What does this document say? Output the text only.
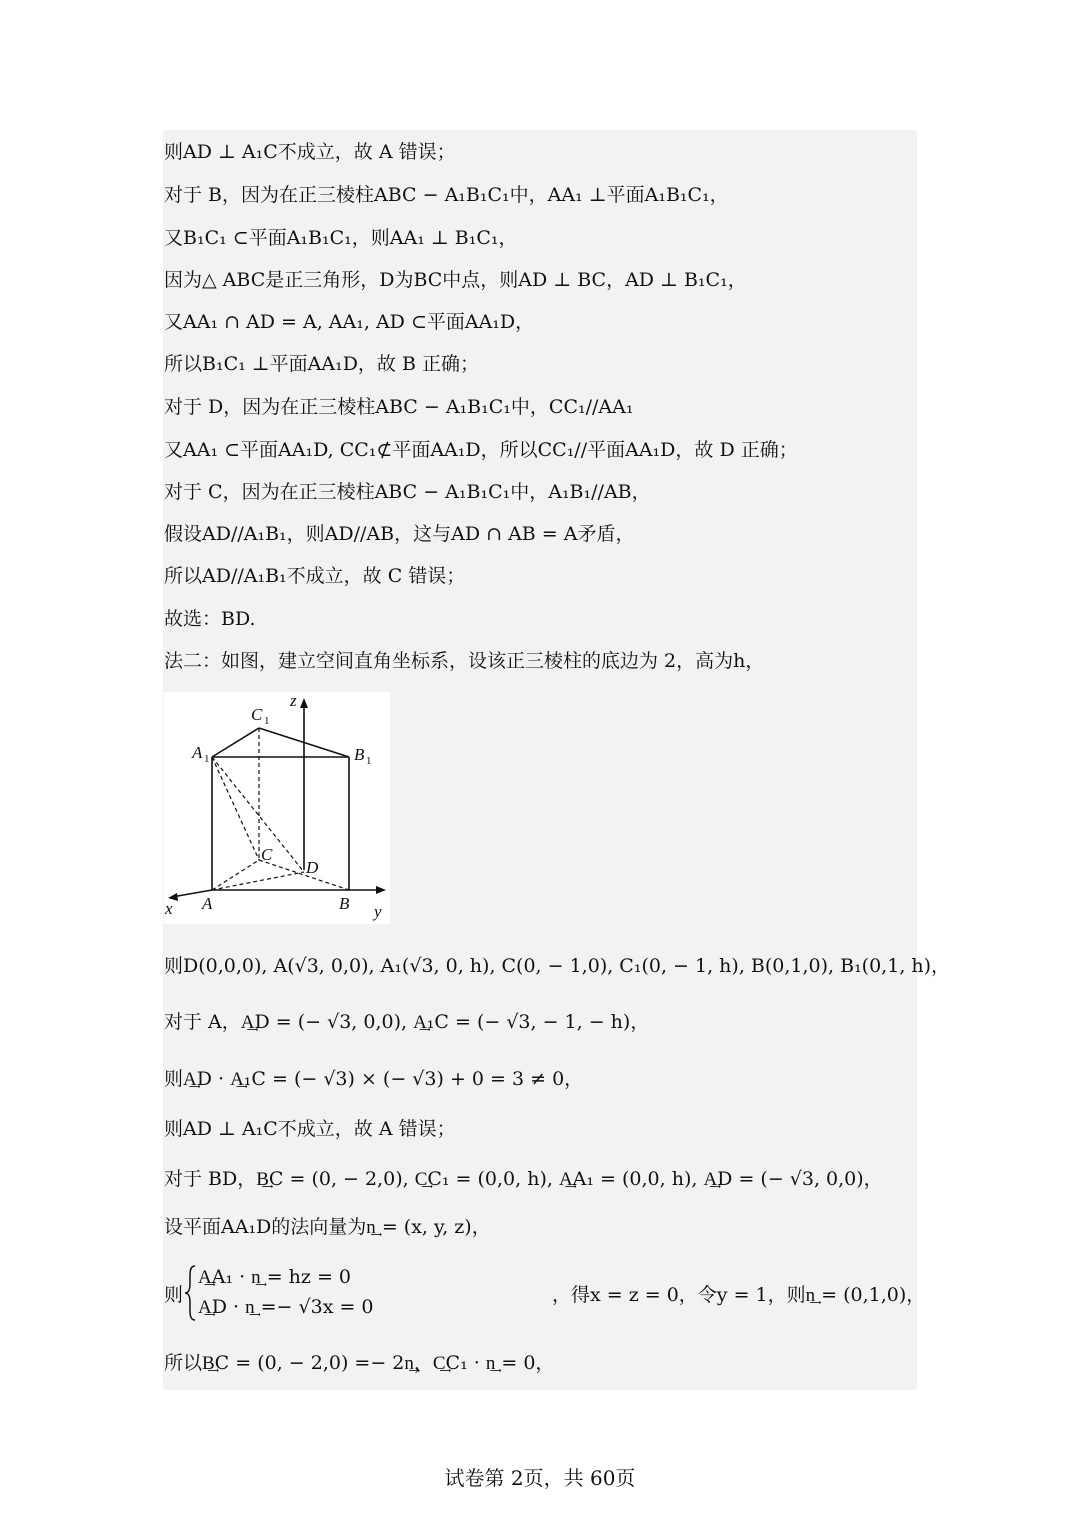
则AD ⊥ A₁C不成立，故 A 错误；
对于 B，因为在正三棱柱ABC − A₁B₁C₁中，AA₁ ⊥平面A₁B₁C₁，
又B₁C₁ ⊂平面A₁B₁C₁，则AA₁ ⊥ B₁C₁，
因为△ ABC是正三角形，D为BC中点，则AD ⊥ BC，AD ⊥ B₁C₁，
又AA₁ ∩ AD = A, AA₁, AD ⊂平面AA₁D，
所以B₁C₁ ⊥平面AA₁D，故 B 正确；
对于 D，因为在正三棱柱ABC − A₁B₁C₁中，CC₁//AA₁
又AA₁ ⊂平面AA₁D, CC₁⊄平面AA₁D，所以CC₁//平面AA₁D，故 D 正确；
对于 C，因为在正三棱柱ABC − A₁B₁C₁中，A₁B₁//AB，
假设AD//A₁B₁，则AD//AB，这与AD ∩ AB = A矛盾，
所以AD//A₁B₁不成立，故 C 错误；
故选：BD.
法二：如图，建立空间直角坐标系，设该正三棱柱的底边为 2，高为h，
z
C 1
A 1	B 1
C
D
x A	B y
则D(0,0,0), A(√3, 0,0), A₁(√3, 0, h), C(0, − 1,0), C₁(0, − 1, h), B(0,1,0), B₁(0,1, h)，
对于 A，A͢D = (− √3, 0,0), A͢₁C = (− √3, − 1, − h)，
则A͢D · A͢₁C = (− √3) × (− √3) + 0 = 3 ≠ 0，
则AD ⊥ A₁C不成立，故 A 错误；
对于 BD，B͢C = (0, − 2,0), C͢C₁ = (0,0, h), A͢A₁ = (0,0, h), A͢D = (− √3, 0,0)，
设平面AA₁D的法向量为n͢ = (x, y, z)，
则
A͢A₁ · n͢ = hz = 0
A͢D · n͢ =− √3x = 0
，得x = z = 0，令y = 1，则n͢ = (0,1,0)，
所以B͢C = (0, − 2,0) =− 2n͢，C͢C₁ · n͢ = 0，
试卷第 2页，共 60页
